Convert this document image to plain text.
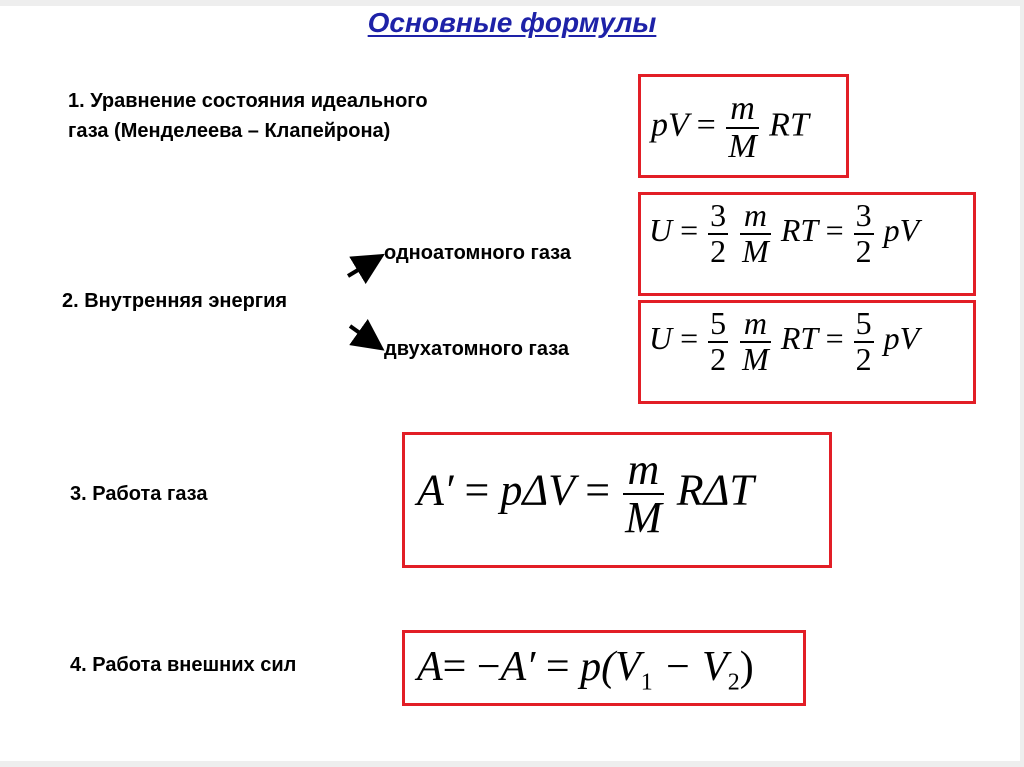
Основные формулы
1. Уравнение состояния идеального
газа (Менделеева – Клапейрона)	pV = $\frac{m}{M}$ RT
2. Внутренняя энергия
одноатомного газа
двухатомного газа
$U = \frac{3}{2}$
$\frac{m}{M}$ RT = $\frac{3}{2}$ pV
$U = \frac{5}{2}$
$\frac{m}{M}$ RT = $\frac{5}{2}$ pV
3. Работа газа	$A' = p\Delta V = \frac{m}{M}$ RΔT
4. Работа внешних сил	$A= -A' = p(V_1 - V_2)$
